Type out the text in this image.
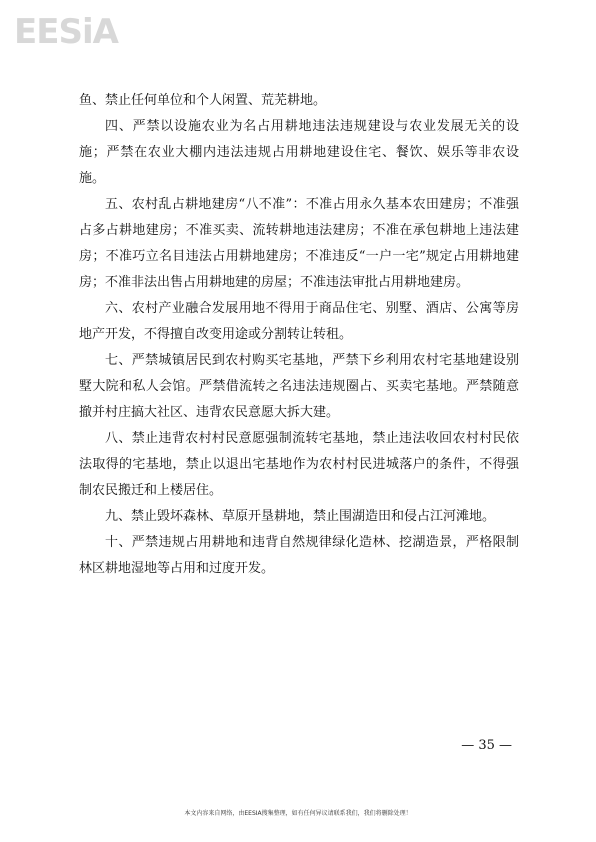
EESiA

鱼、禁止任何单位和个人闲置、荒芜耕地。

四、严禁以设施农业为名占用耕地违法违规建设与农业发展无关的设施；严禁在农业大棚内违法违规占用耕地建设住宅、餐饮、娱乐等非农设施。

五、农村乱占耕地建房“八不准”：不准占用永久基本农田建房；不准强占多占耕地建房；不准买卖、流转耕地违法建房；不准在承包耕地上违法建房；不准巧立名目违法占用耕地建房；不准违反“一户一宅”规定占用耕地建房；不准非法出售占用耕地建的房屋；不准违法审批占用耕地建房。

六、农村产业融合发展用地不得用于商品住宅、别墅、酒店、公寓等房地产开发，不得擅自改变用途或分割转让转租。

七、严禁城镇居民到农村购买宅基地，严禁下乡利用农村宅基地建设别墅大院和私人会馆。严禁借流转之名违法违规圈占、买卖宅基地。严禁随意撤并村庄搞大社区、违背农民意愿大拆大建。

八、禁止违背农村村民意愿强制流转宅基地，禁止违法收回农村村民依法取得的宅基地，禁止以退出宅基地作为农村村民进城落户的条件，不得强制农民搬迁和上楼居住。

九、禁止毁坏森林、草原开垦耕地，禁止围湖造田和侵占江河滩地。

十、严禁违规占用耕地和违背自然规律绿化造林、挖湖造景，严格限制林区耕地湿地等占用和过度开发。

— 35 —
本文内容来自网络，由EESIA搜集整理，如有任何异议请联系我们，我们将删除处理！
